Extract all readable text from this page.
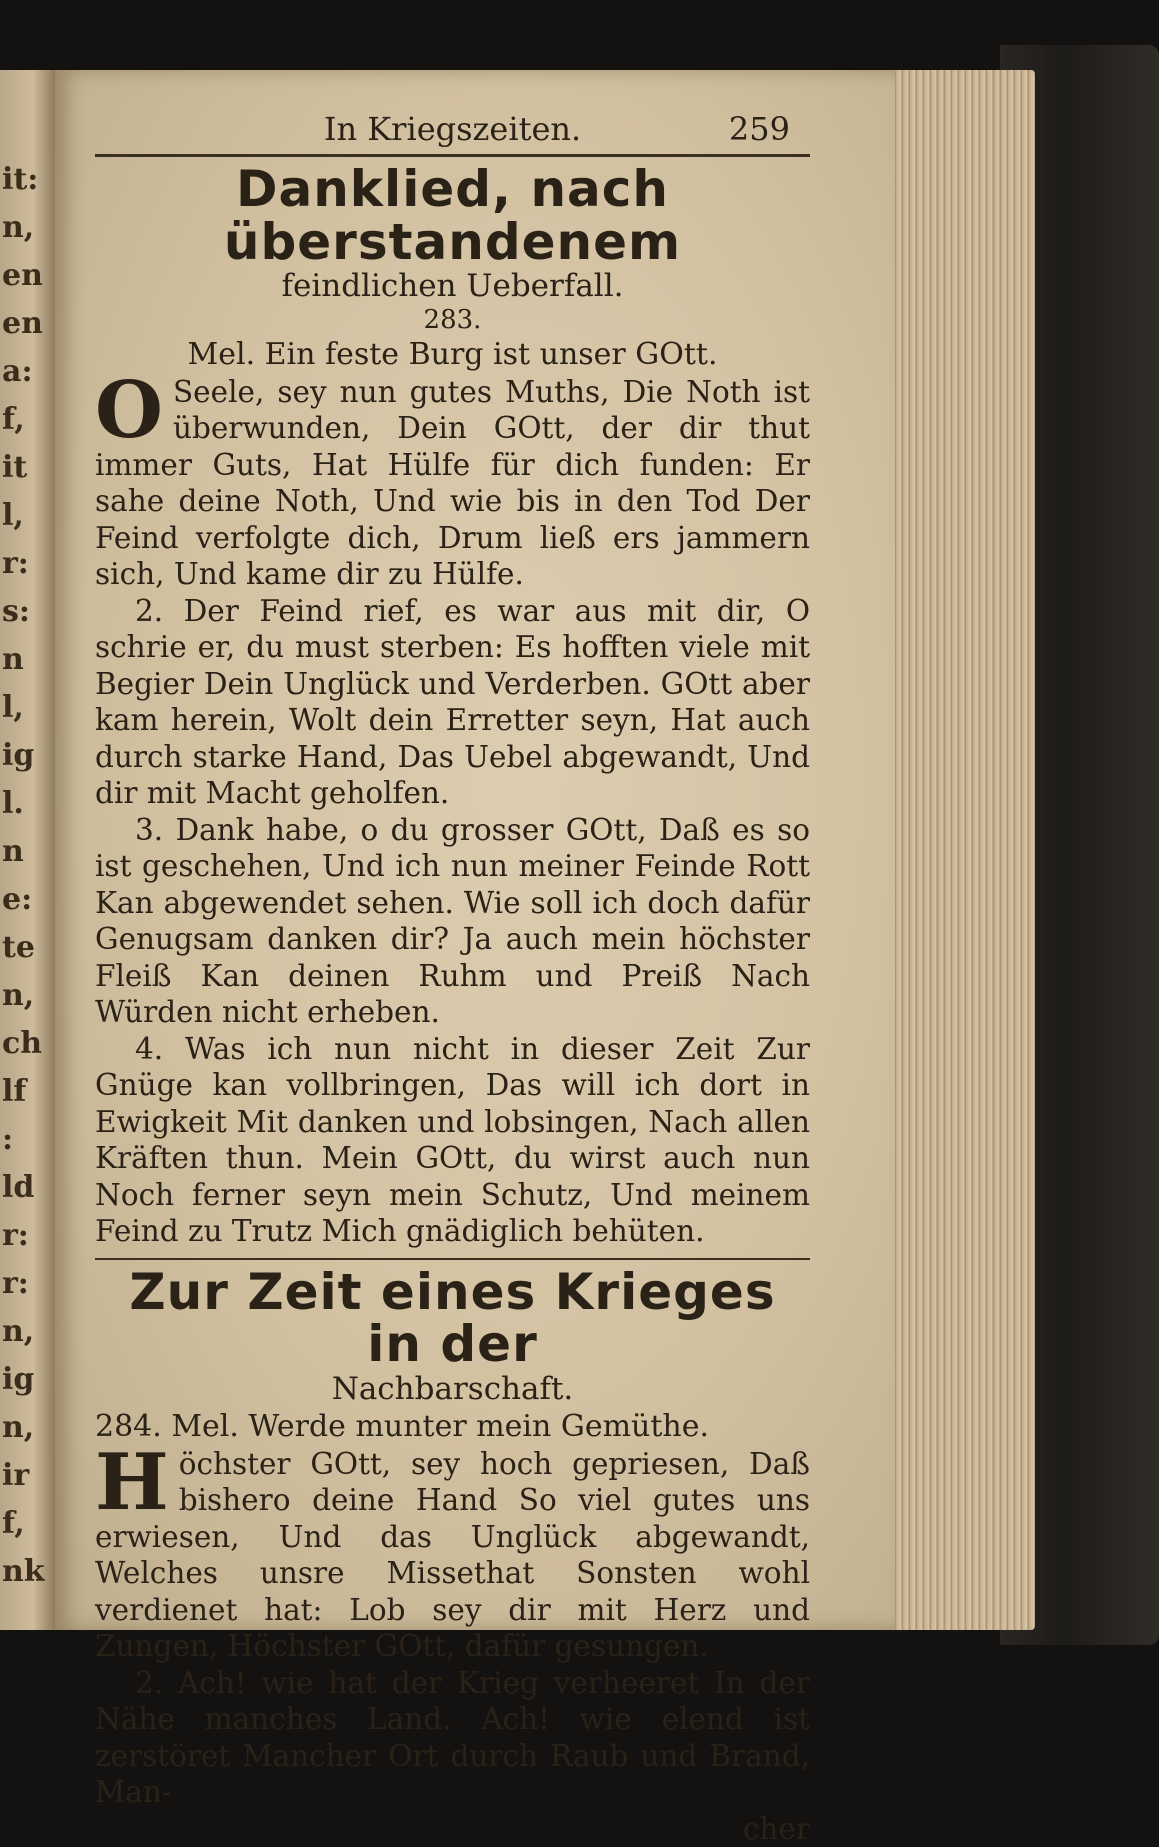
it:
n,
en
en
a:
f,
it
l,
r:
s:
n
l,
ig
l.
n
e:
te
n,
ch
lf
:
ld
r:
r:
n,
ig
n,
ir
f,
nk
In Kriegszeiten.	259
Danklied, nach überstandenem
feindlichen Ueberfall.
283.
Mel. Ein feste Burg ist unser GOtt.

O Seele, sey nun gutes Muths, Die Noth ist überwunden, Dein GOtt, der dir thut immer Guts, Hat Hülfe für dich funden: Er sahe deine Noth, Und wie bis in den Tod Der Feind verfolgte dich, Drum ließ ers jammern sich, Und kame dir zu Hülfe.

2. Der Feind rief, es war aus mit dir, O schrie er, du must sterben: Es hofften viele mit Begier Dein Unglück und Verderben. GOtt aber kam herein, Wolt dein Erretter seyn, Hat auch durch starke Hand, Das Uebel abgewandt, Und dir mit Macht geholfen.

3. Dank habe, o du grosser GOtt, Daß es so ist geschehen, Und ich nun meiner Feinde Rott Kan abgewendet sehen. Wie soll ich doch dafür Genugsam danken dir? Ja auch mein höchster Fleiß Kan deinen Ruhm und Preiß Nach Würden nicht erheben.

4. Was ich nun nicht in dieser Zeit Zur Gnüge kan vollbringen, Das will ich dort in Ewigkeit Mit danken und lobsingen, Nach allen Kräften thun. Mein GOtt, du wirst auch nun Noch ferner seyn mein Schutz, Und meinem Feind zu Trutz Mich gnädiglich behüten.

Zur Zeit eines Krieges in der
Nachbarschaft.
284. Mel. Werde munter mein Gemüthe.

H öchster GOtt, sey hoch gepriesen, Daß bishero deine Hand So viel gutes uns erwiesen, Und das Unglück abgewandt, Welches unsre Missethat Sonsten wohl verdienet hat: Lob sey dir mit Herz und Zungen, Höchster GOtt, dafür gesungen.

2. Ach! wie hat der Krieg verheeret In der Nähe manches Land. Ach! wie elend ist zerstöret Mancher Ort durch Raub und Brand, Man-

cher
